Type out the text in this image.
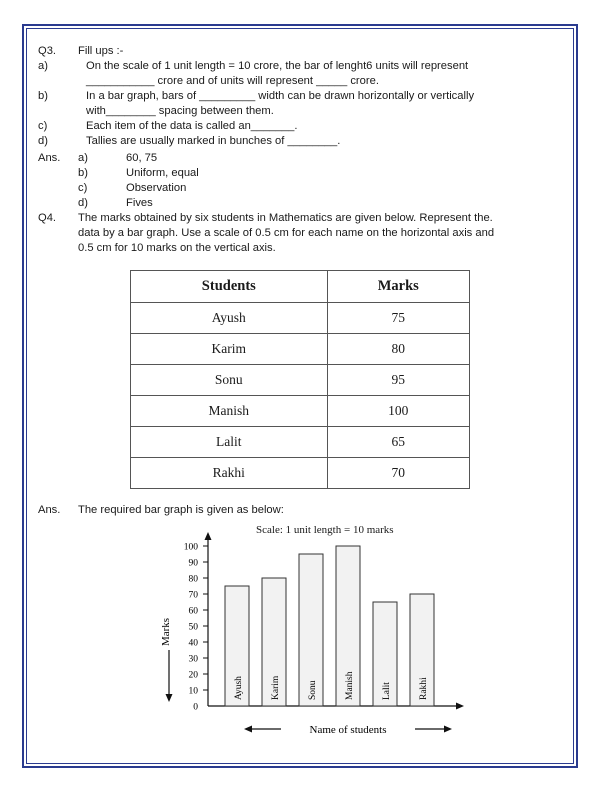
Q3.	Fill ups :-
a)	On the scale of 1 unit length = 10 crore, the bar of lenght6 units will represent
___________ crore and of units will represent _____ crore.
b)	In a bar graph, bars of _________ width can be drawn horizontally or vertically
with________ spacing between them.
c)	Each item of the data is called an_______.
d)	Tallies are usually marked in bunches of ________.
Ans.	a)	60, 75
b)	Uniform, equal
c)	Observation
d)	Fives
Q4.	The marks obtained by six students in Mathematics are given below. Represent the.
data by a bar graph. Use a scale of 0.5 cm for each name on the horizontal axis and
0.5 cm for 10 marks on the vertical axis.
Students	Marks
Ayush	75
Karim	80
Sonu	95
Manish	100
Lalit	65
Rakhi	70
Ans.	The required bar graph is given as below:
Scale: 1 unit length = 10 marks
100
90
80
70
60
50
40
30
20
10
0
Ayush	Karim	Sonu	Manish	Lalit	Rakhi
Marks
Name of students
